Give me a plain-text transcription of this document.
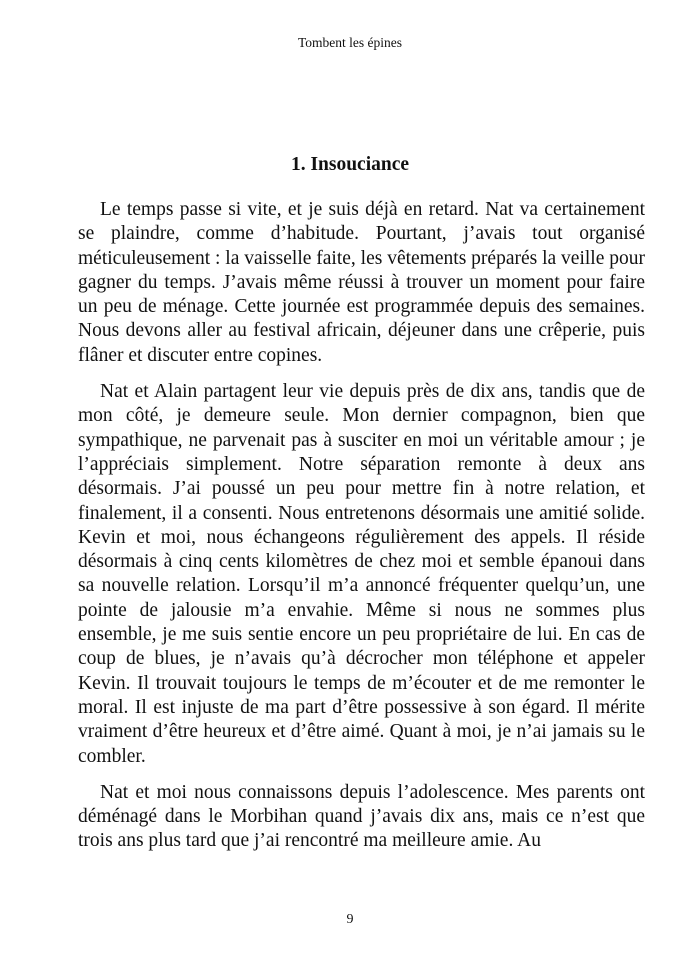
Tombent les épines
1. Insouciance

Le temps passe si vite, et je suis déjà en retard. Nat va certainement se plaindre, comme d’habitude. Pourtant, j’avais tout organisé méticuleusement : la vaisselle faite, les vêtements préparés la veille pour gagner du temps. J’avais même réussi à trouver un moment pour faire un peu de ménage. Cette journée est programmée depuis des semaines. Nous devons aller au festival africain, déjeuner dans une crêperie, puis flâner et discuter entre copines.

Nat et Alain partagent leur vie depuis près de dix ans, tandis que de mon côté, je demeure seule. Mon dernier compagnon, bien que sympathique, ne parvenait pas à susciter en moi un véritable amour ; je l’appréciais simplement. Notre séparation remonte à deux ans désormais. J’ai poussé un peu pour mettre fin à notre relation, et finalement, il a consenti. Nous entretenons désormais une amitié solide. Kevin et moi, nous échangeons régulièrement des appels. Il réside désormais à cinq cents kilomètres de chez moi et semble épanoui dans sa nouvelle relation. Lorsqu’il m’a annoncé fréquenter quelqu’un, une pointe de jalousie m’a envahie. Même si nous ne sommes plus ensemble, je me suis sentie encore un peu propriétaire de lui. En cas de coup de blues, je n’avais qu’à décrocher mon téléphone et appeler Kevin. Il trouvait toujours le temps de m’écouter et de me remonter le moral. Il est injuste de ma part d’être possessive à son égard. Il mérite vraiment d’être heureux et d’être aimé. Quant à moi, je n’ai jamais su le combler.

Nat et moi nous connaissons depuis l’adolescence. Mes parents ont déménagé dans le Morbihan quand j’avais dix ans, mais ce n’est que trois ans plus tard que j’ai rencontré ma meilleure amie. Au

9
